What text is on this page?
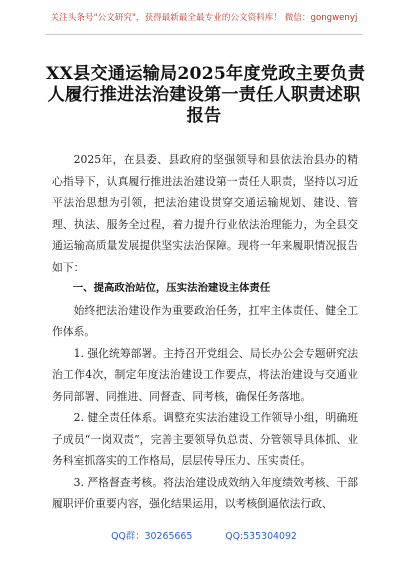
关注头条号"公文研究"，获得最新最全最专业的公文资料库！ 微信：gongwenyj
XX县交通运输局2025年度党政主要负责
人履行推进法治建设第一责任人职责述职
报告

2025年，在县委、县政府的坚强领导和县依法治县办的精心指导下，认真履行推进法治建设第一责任人职责，坚持以习近平法治思想为引领，把法治建设贯穿交通运输规划、建设、管理、执法、服务全过程，着力提升行业依法治理能力，为全县交通运输高质量发展提供坚实法治保障。现将一年来履职情况报告如下：

一、提高政治站位，压实法治建设主体责任

始终把法治建设作为重要政治任务，扛牢主体责任、健全工作体系。

1. 强化统筹部署。主持召开党组会、局长办公会专题研究法治工作4次，制定年度法治建设工作要点，将法治建设与交通业务同部署、同推进、同督查、同考核，确保任务落地。

2. 健全责任体系。调整充实法治建设工作领导小组，明确班子成员“一岗双责”，完善主要领导负总责、分管领导具体抓、业务科室抓落实的工作格局，层层传导压力、压实责任。

3. 严格督查考核。将法治建设成效纳入年度绩效考核、干部履职评价重要内容，强化结果运用，以考核倒逼依法行政、

QQ群：30265665	QQ:535304092
